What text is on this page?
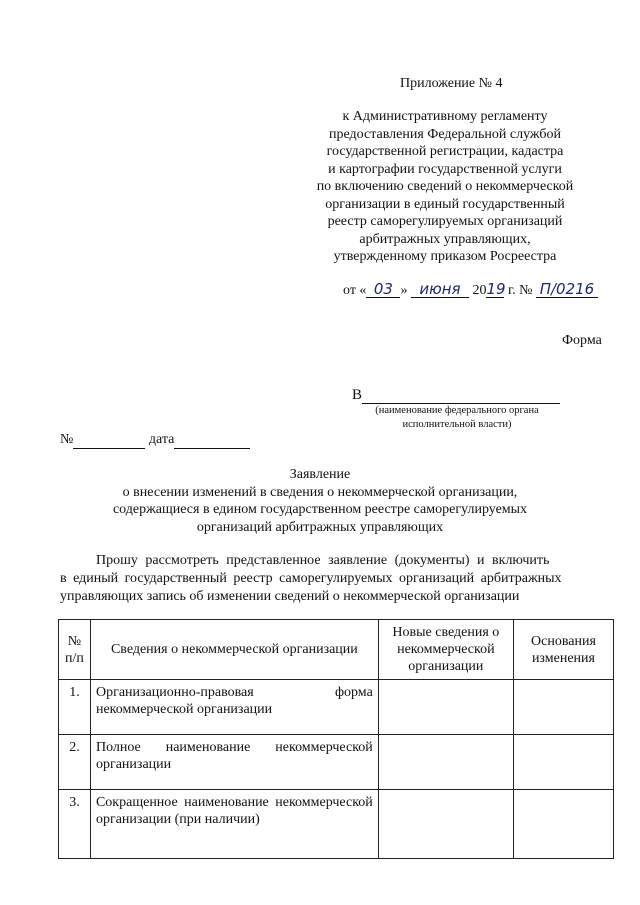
Приложение № 4
к Административному регламенту
предоставления Федеральной службой
государственной регистрации, кадастра
и картографии государственной услуги
по включению сведений о некоммерческой
организации в единый государственный
реестр саморегулируемых организаций
арбитражных управляющих,
утвержденному приказом Росреестра
от « 03 » июня 2019 г. № П/0216
Форма
В
(наименование федерального органа
исполнительной власти)
№	дата
Заявление
о внесении изменений в сведения о некоммерческой организации,
содержащиеся в едином государственном реестре саморегулируемых
организаций арбитражных управляющих
Прошу рассмотреть представленное заявление (документы) и включить
в единый государственный реестр саморегулируемых организаций арбитражных
управляющих запись об изменении сведений о некоммерческой организации
№ п/п	Сведения о некоммерческой организации	Новые сведения о некоммерческой организации	Основания изменения
1.	Организационно-правовая форма некоммерческой организации		
2.	Полное наименование некоммерческой организации		
3.	Сокращенное наименование некоммерческой организации (при наличии)		
